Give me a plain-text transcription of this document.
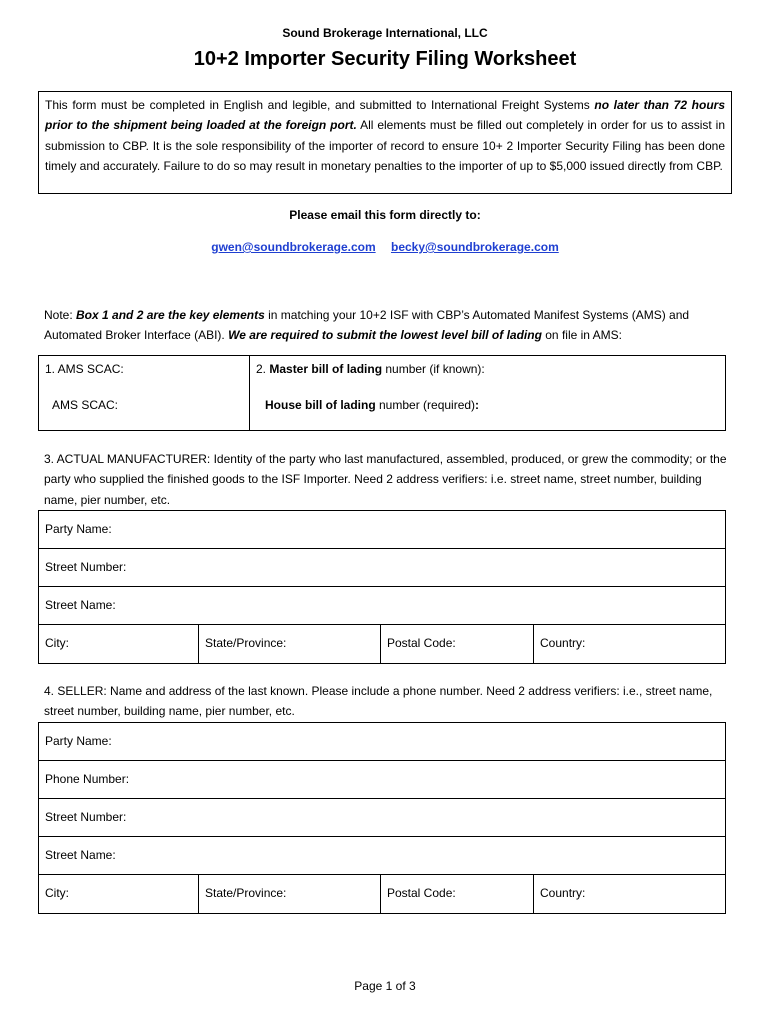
Sound Brokerage International, LLC
10+2 Importer Security Filing Worksheet
This form must be completed in English and legible, and submitted to International Freight Systems no later than 72 hours prior to the shipment being loaded at the foreign port. All elements must be filled out completely in order for us to assist in submission to CBP. It is the sole responsibility of the importer of record to ensure 10+ 2 Importer Security Filing has been done timely and accurately. Failure to do so may result in monetary penalties to the importer of up to $5,000 issued directly from CBP.
Please email this form directly to:
gwen@soundbrokerage.com becky@soundbrokerage.com
Note: Box 1 and 2 are the key elements in matching your 10+2 ISF with CBP’s Automated Manifest Systems (AMS) and Automated Broker Interface (ABI). We are required to submit the lowest level bill of lading on file in AMS:
1. AMS SCAC:
AMS SCAC:
2. Master bill of lading number (if known):
House bill of lading number (required):
3. ACTUAL MANUFACTURER: Identity of the party who last manufactured, assembled, produced, or grew the commodity; or the party who supplied the finished goods to the ISF Importer. Need 2 address verifiers: i.e. street name, street number, building name, pier number, etc.
Party Name:
Street Number:
Street Name:
City:	State/Province:	Postal Code:	Country:
4. SELLER: Name and address of the last known. Please include a phone number. Need 2 address verifiers: i.e., street name, street number, building name, pier number, etc.
Party Name:
Phone Number:
Street Number:
Street Name:
City:	State/Province:	Postal Code:	Country:
Page 1 of 3
